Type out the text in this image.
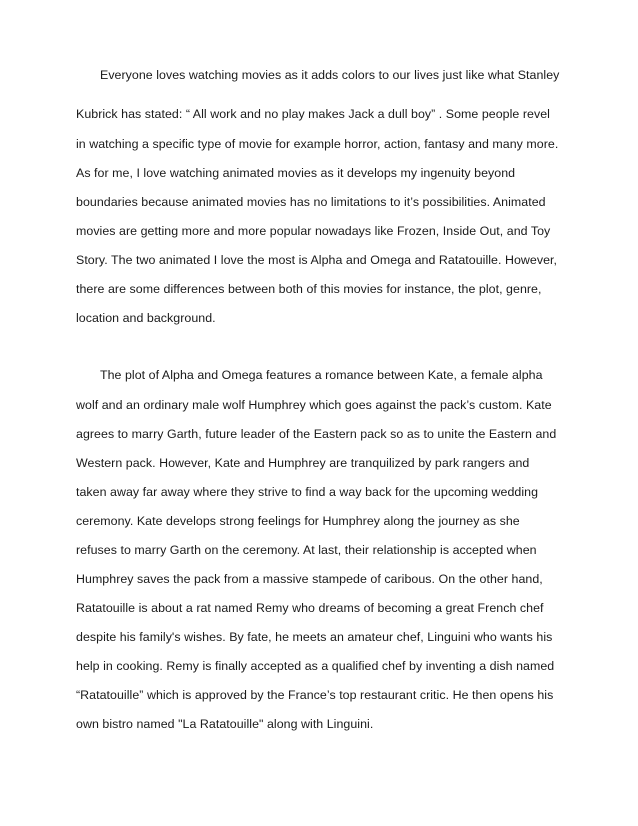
Everyone loves watching movies as it adds colors to our lives just like what Stanley
Kubrick has stated: “ All work and no play makes Jack a dull boy” . Some people revel
in watching a specific type of movie for example horror, action, fantasy and many more.
As for me, I love watching animated movies as it develops my ingenuity beyond
boundaries because animated movies has no limitations to it’s possibilities. Animated
movies are getting more and more popular nowadays like Frozen, Inside Out, and Toy
Story. The two animated I love the most is Alpha and Omega and Ratatouille. However,
there are some differences between both of this movies for instance, the plot, genre,
location and background.
The plot of Alpha and Omega features a romance between Kate, a female alpha
wolf and an ordinary male wolf Humphrey which goes against the pack’s custom. Kate
agrees to marry Garth, future leader of the Eastern pack so as to unite the Eastern and
Western pack. However, Kate and Humphrey are tranquilized by park rangers and
taken away far away where they strive to find a way back for the upcoming wedding
ceremony. Kate develops strong feelings for Humphrey along the journey as she
refuses to marry Garth on the ceremony. At last, their relationship is accepted when
Humphrey saves the pack from a massive stampede of caribous. On the other hand,
Ratatouille is about a rat named Remy who dreams of becoming a great French chef
despite his family's wishes. By fate, he meets an amateur chef, Linguini who wants his
help in cooking. Remy is finally accepted as a qualified chef by inventing a dish named
“Ratatouille” which is approved by the France’s top restaurant critic. He then opens his
own bistro named "La Ratatouille" along with Linguini.
